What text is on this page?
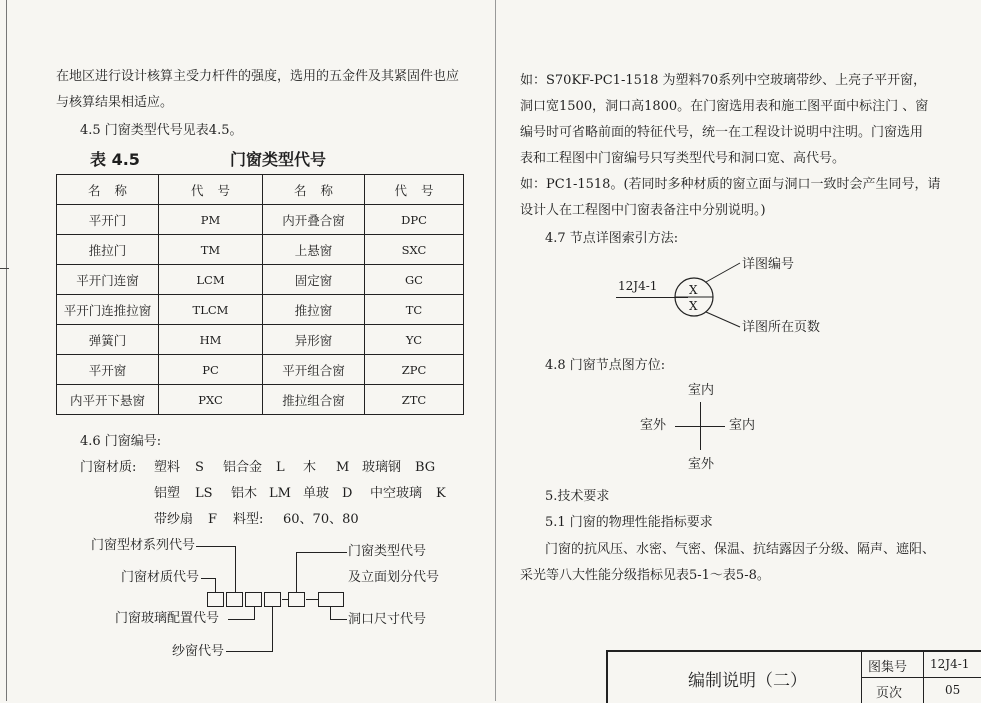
在地区进行设计核算主受力杆件的强度，选用的五金件及其紧固件也应
与核算结果相适应。
4.5 门窗类型代号见表4.5。
表 4.5	门窗类型代号
名称	代号	名称	代号
平开门	PM	内开叠合窗	DPC
推拉门	TM	上悬窗	SXC
平开门连窗	LCM	固定窗	GC
平开门连推拉窗	TLCM	推拉窗	TC
弹簧门	HM	异形窗	YC
平开窗	PC	平开组合窗	ZPC
内平开下悬窗	PXC	推拉组合窗	ZTC
4.6 门窗编号:
门窗材质: 塑料 S 铝合金 L 木 M 玻璃钢 BG
铝塑 LS 铝木 LM 单玻 D 中空玻璃 K
带纱扇 F 料型: 60、70、80
门窗型材系列代号
门窗材质代号
门窗玻璃配置代号
纱窗代号
门窗类型代号
及立面划分代号
洞口尺寸代号
如：S70KF-PC1-1518 为塑料70系列中空玻璃带纱、上亮子平开窗，
洞口宽1500，洞口高1800。在门窗选用表和施工图平面中标注门 、窗
编号时可省略前面的特征代号，统一在工程设计说明中注明。门窗选用
表和工程图中门窗编号只写类型代号和洞口宽、高代号。
如：PC1-1518。(若同时多种材质的窗立面与洞口一致时会产生同号，请
设计人在工程图中门窗表备注中分别说明。)
4.7 节点详图索引方法:
12J4-1	X
X
详图编号
详图所在页数
4.8 门窗节点图方位:
室内
室内
室外
室外
5.技术要求
5.1 门窗的物理性能指标要求
门窗的抗风压、水密、气密、保温、抗结露因子分级、隔声、遮阳、
采光等八大性能分级指标见表5-1～表5-8。
编制说明（二）
图集号 12J4-1
页次	05
